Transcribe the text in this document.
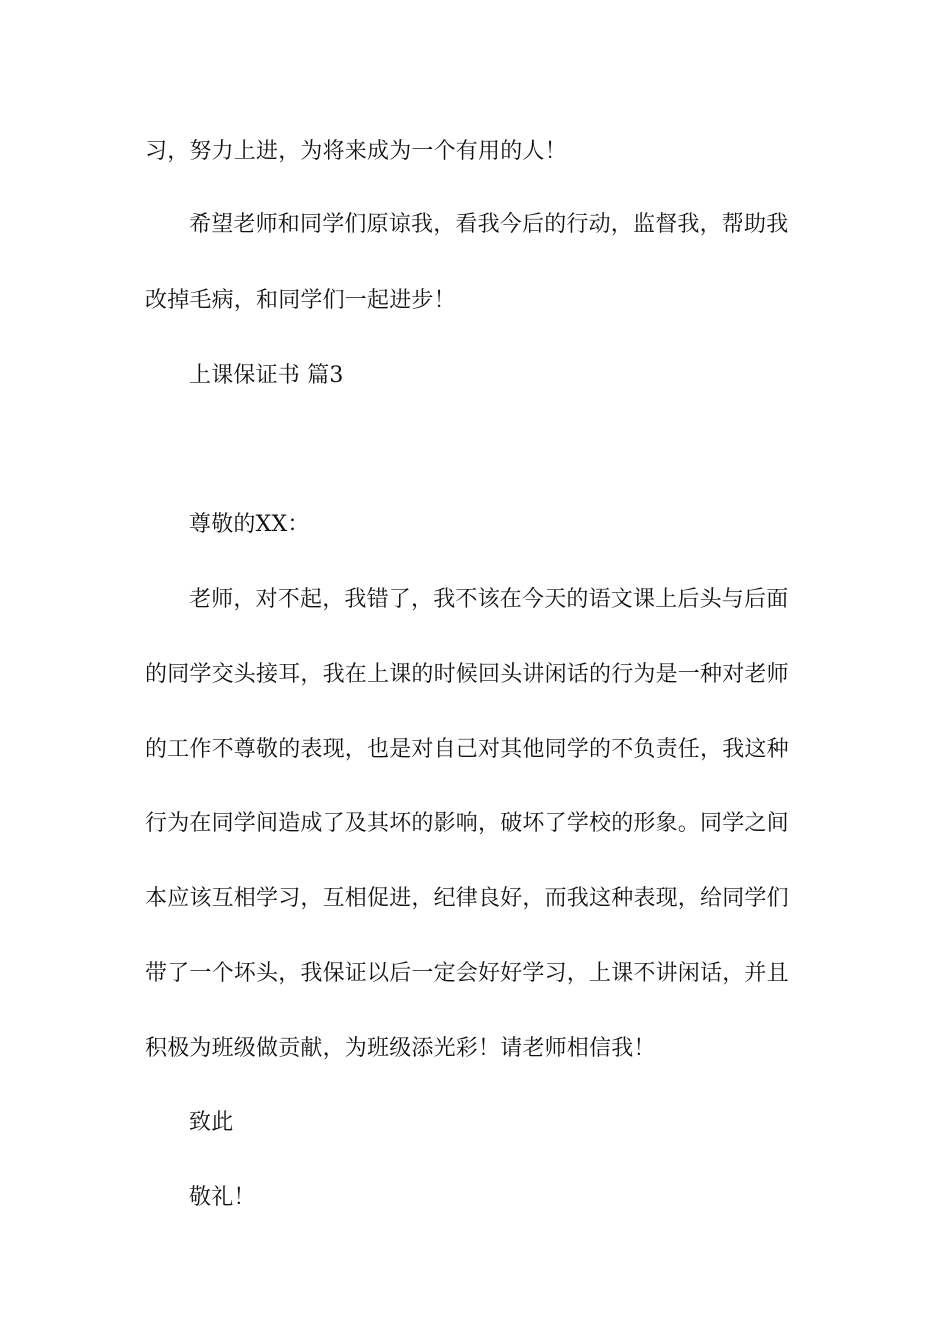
习，努力上进，为将来成为一个有用的人！
希望老师和同学们原谅我，看我今后的行动，监督我，帮助我
改掉毛病，和同学们一起进步！
上课保证书 篇3
尊敬的XX：
老师，对不起，我错了，我不该在今天的语文课上后头与后面
的同学交头接耳，我在上课的时候回头讲闲话的行为是一种对老师
的工作不尊敬的表现，也是对自己对其他同学的不负责任，我这种
行为在同学间造成了及其坏的影响，破坏了学校的形象。同学之间
本应该互相学习，互相促进，纪律良好，而我这种表现，给同学们
带了一个坏头，我保证以后一定会好好学习，上课不讲闲话，并且
积极为班级做贡献，为班级添光彩！请老师相信我！
致此
敬礼！
